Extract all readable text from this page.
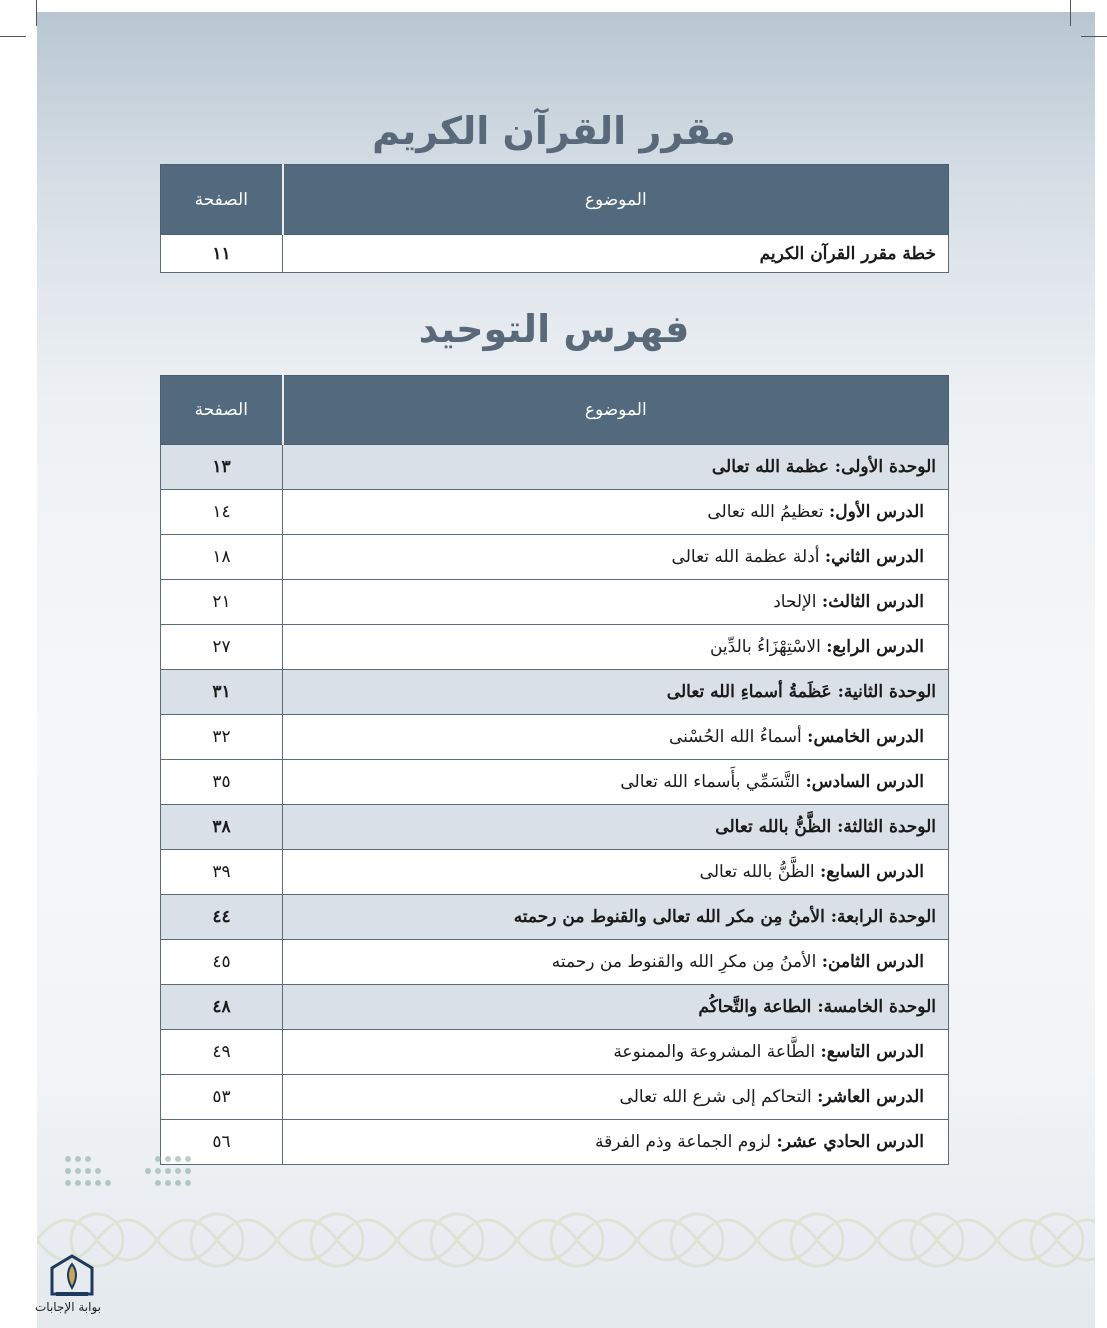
مقرر القرآن الكريم
الموضوع	الصفحة
خطة مقرر القرآن الكريم	١١
فهرس التوحيد
الموضوع	الصفحة
الوحدة الأولى: عظمة الله تعالى	١٣
الدرس الأول: تعظيمُ الله تعالى	١٤
الدرس الثاني: أدلة عظمة الله تعالى	١٨
الدرس الثالث: الإلحاد	٢١
الدرس الرابع: الاسْتِهْزَاءُ بالدِّين	٢٧
الوحدة الثانية: عَظَمةُ أسماءِ الله تعالى	٣١
الدرس الخامس: أسماءُ الله الحُسْنى	٣٢
الدرس السادس: التَّسَمِّي بأَسماء الله تعالى	٣٥
الوحدة الثالثة: الظَّنُّ بالله تعالى	٣٨
الدرس السابع: الظَّنُّ بالله تعالى	٣٩
الوحدة الرابعة: الأمنُ مِن مكر الله تعالى والقنوط من رحمته	٤٤
الدرس الثامن: الأمنُ مِن مكرِ الله والقنوط من رحمته	٤٥
الوحدة الخامسة: الطاعة والتَّحاكُم	٤٨
الدرس التاسع: الطَّاعة المشروعة والممنوعة	٤٩
الدرس العاشر: التحاكم إلى شرع الله تعالى	٥٣
الدرس الحادي عشر: لزوم الجماعة وذم الفرقة	٥٦
بوابة الإجابات
